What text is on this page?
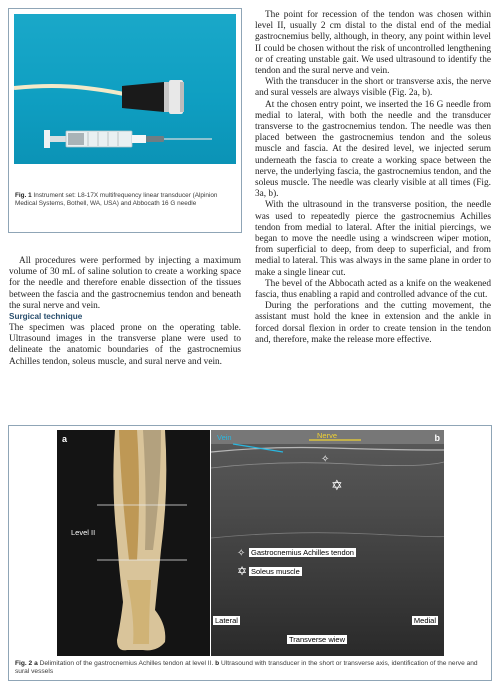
Fig. 1 Instrument set: L8-17X multifrequency linear transducer (Alpinion Medical Systems, Bothell, WA, USA) and Abbocath 16 G needle

All procedures were performed by injecting a maximum volume of 30 mL of saline solution to create a working space for the needle and therefore enable dissection of the tissues between the fascia and the gastrocnemius tendon and beneath the sural nerve and vein.

Surgical technique

The specimen was placed prone on the operating table. Ultrasound images in the transverse plane were used to delineate the anatomic boundaries of the gastrocnemius Achilles tendon, soleus muscle, and sural nerve and vein.

The point for recession of the tendon was chosen within level II, usually 2 cm distal to the distal end of the medial gastrocnemius belly, although, in theory, any point within level II could be chosen without the risk of uncontrolled lengthening or of creating unstable gait. We used ultrasound to identify the tendon and the sural nerve and vein.

With the transducer in the short or transverse axis, the nerve and sural vessels are always visible (Fig. 2a, b).

At the chosen entry point, we inserted the 16 G needle from medial to lateral, with both the needle and the transducer transverse to the gastrocnemius tendon. The needle was then placed between the gastrocnemius tendon and the soleus muscle and fascia. At the desired level, we injected serum underneath the fascia to create a working space between the nerve, the underlying fascia, the gastrocnemius tendon, and the soleus muscle. The needle was clearly visible at all times (Fig. 3a, b).

With the ultrasound in the transverse position, the needle was used to repeatedly pierce the gastrocnemius Achilles tendon from medial to lateral. After the initial piercings, we began to move the needle using a windscreen wiper motion, from superficial to deep, from deep to superficial, and from medial to lateral. This was always in the same plane in order to make a single linear cut.

The bevel of the Abbocath acted as a knife on the weakened fascia, thus enabling a rapid and controlled advance of the cut.

During the perforations and the cutting movement, the assistant must hold the knee in extension and the ankle in forced dorsal flexion in order to create tension in the tendon and, therefore, make the release more effective.

a
Level II
✧
✡
✧
✡
b
Vein	Nerve
Gastrocnemius Achilles tendon
Soleus muscle
Lateral	Medial
Transverse wiew
Fig. 2 a Delimitation of the gastrocnemius Achilles tendon at level II. b Ultrasound with transducer in the short or transverse axis, identification of the nerve and sural vessels
